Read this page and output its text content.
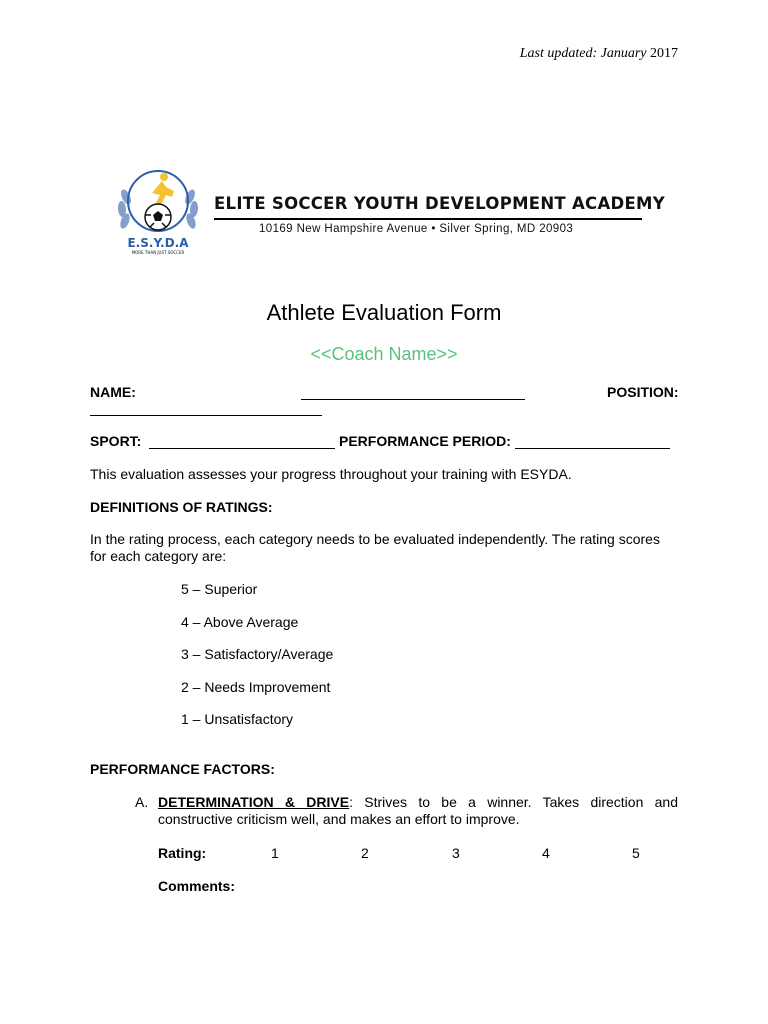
Last updated: January 2017
E.S.Y.D.A
MORE THAN JUST SOCCER
ELITE SOCCER YOUTH DEVELOPMENT ACADEMY
10169 New Hampshire Avenue • Silver Spring, MD 20903
Athlete Evaluation Form
<<Coach Name>>
NAME:	POSITION:
SPORT:	PERFORMANCE PERIOD:
This evaluation assesses your progress throughout your training with ESYDA.
DEFINITIONS OF RATINGS:
In the rating process, each category needs to be evaluated independently. The rating scores for each category are:
5 – Superior
4 – Above Average
3 – Satisfactory/Average
2 – Needs Improvement
1 – Unsatisfactory
PERFORMANCE FACTORS:
A. DETERMINATION & DRIVE: Strives to be a winner. Takes direction and constructive criticism well, and makes an effort to improve.
Rating:	1	2	3	4	5
Comments:
